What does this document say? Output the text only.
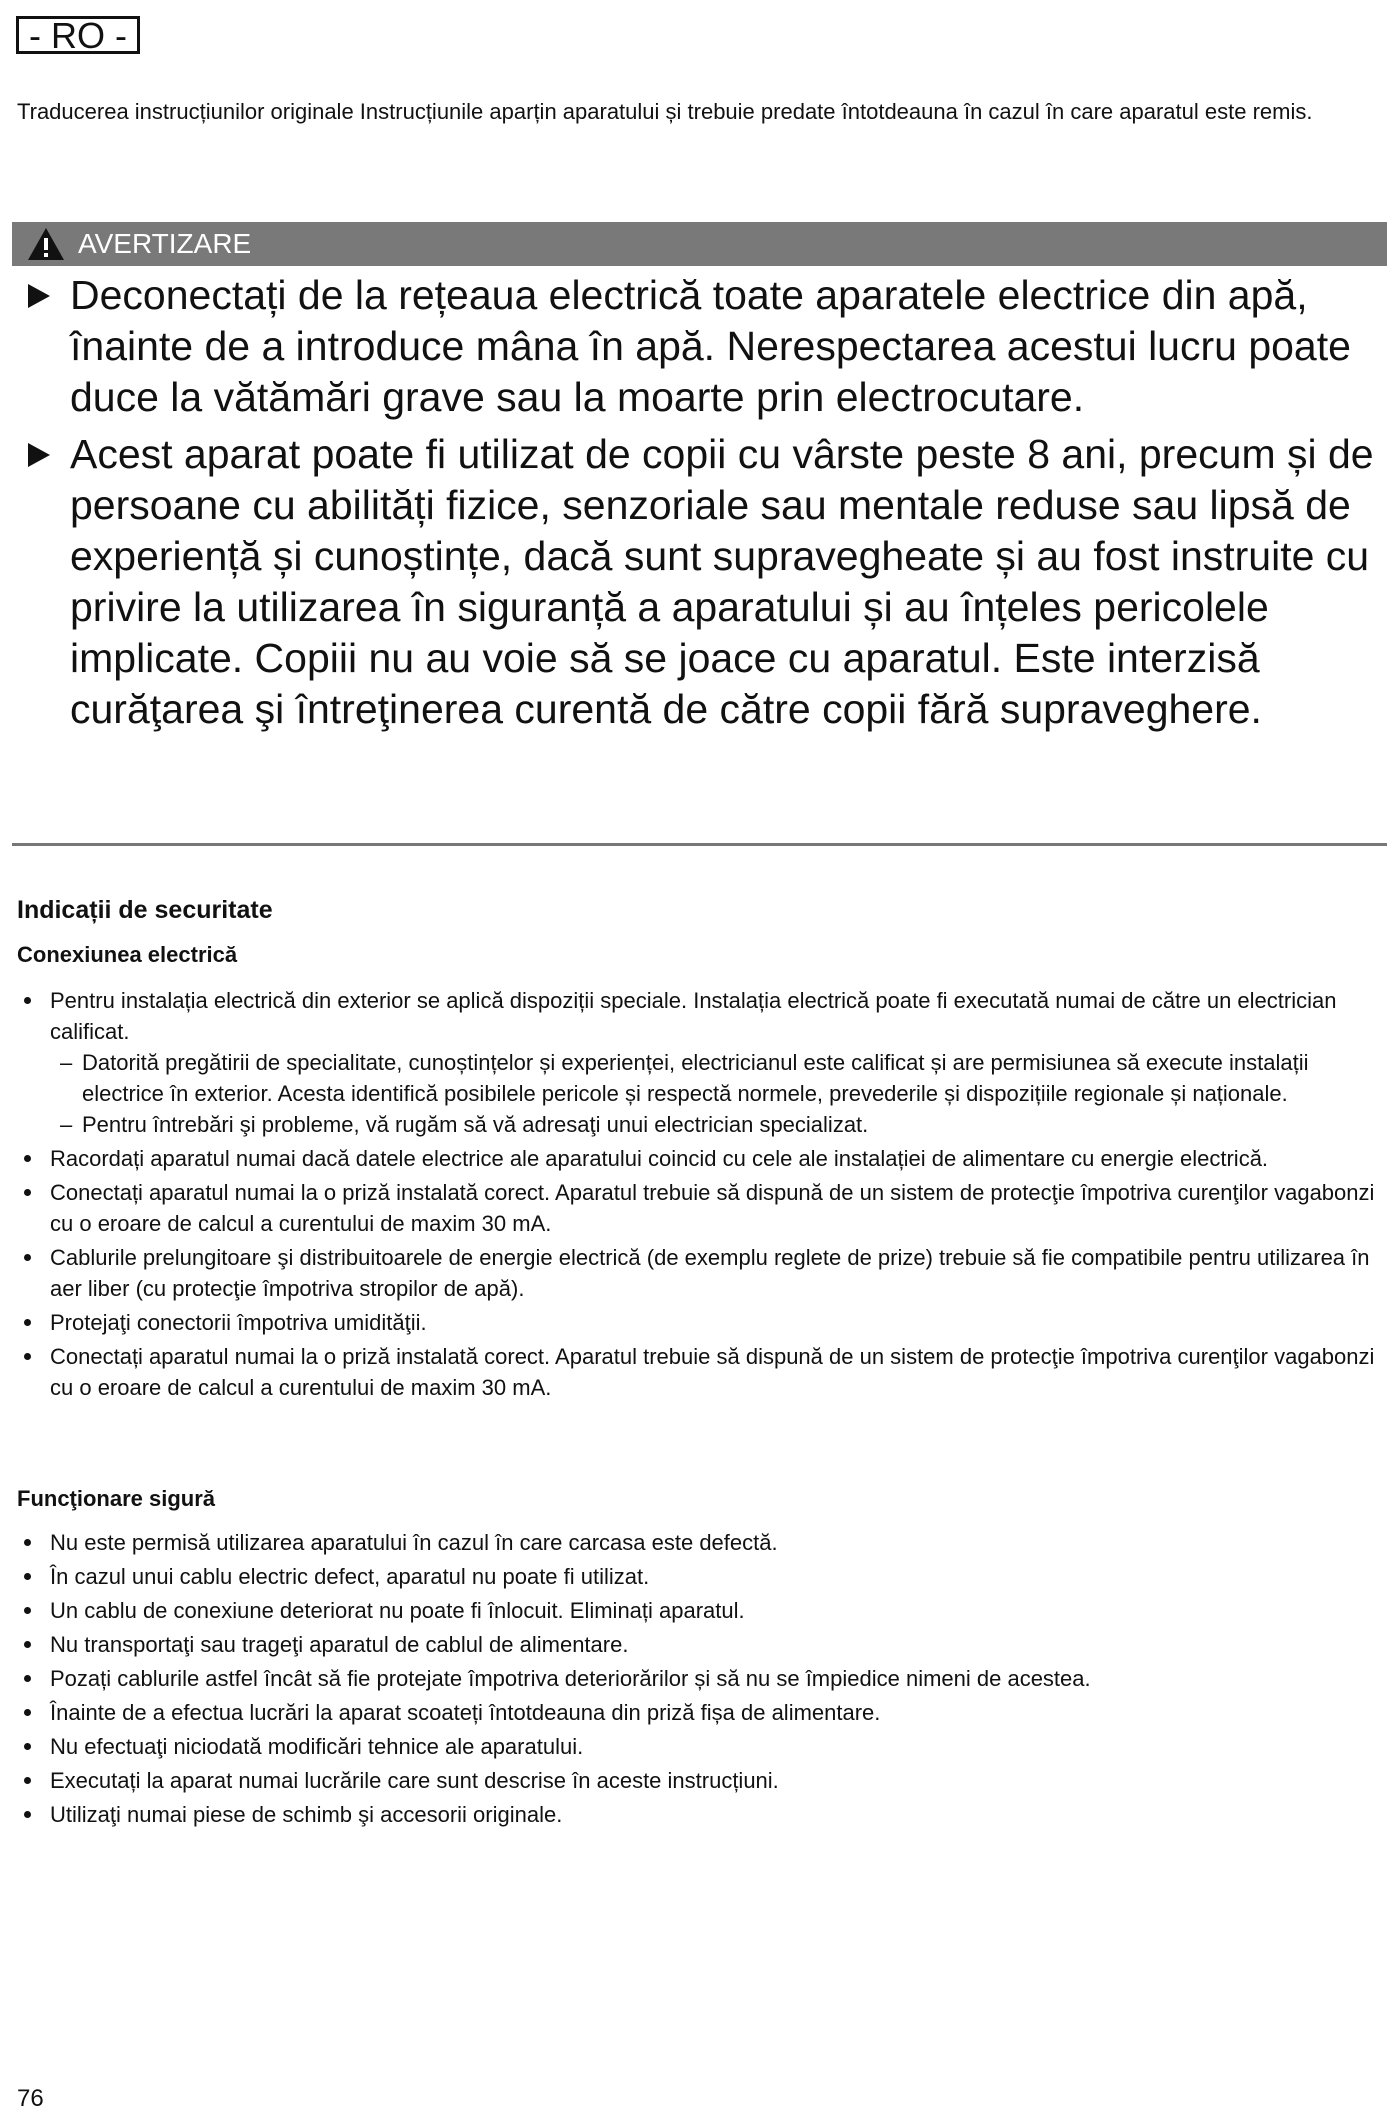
- RO -

Traducerea instrucțiunilor originale Instrucțiunile aparțin aparatului și trebuie predate întotdeauna în cazul în care aparatul este remis.

AVERTIZARE
Deconectați de la rețeaua electrică toate aparatele electrice din apă, înainte de a introduce mâna în apă. Nerespectarea acestui lucru poate duce la vătămări grave sau la moarte prin electrocutare.
Acest aparat poate fi utilizat de copii cu vârste peste 8 ani, precum și de persoane cu abilități fizice, senzoriale sau mentale reduse sau lipsă de experiență și cunoștințe, dacă sunt supravegheate și au fost instruite cu privire la utilizarea în siguranță a aparatului și au înțeles pericolele implicate. Copiii nu au voie să se joace cu aparatul. Este interzisă curăţarea şi întreţinerea curentă de către copii fără supraveghere.
Indicații de securitate
Conexiunea electrică
Pentru instalația electrică din exterior se aplică dispoziții speciale. Instalația electrică poate fi executată numai de către un electrician calificat.
– Datorită pregătirii de specialitate, cunoștințelor și experienței, electricianul este calificat și are permisiunea să execute instalații electrice în exterior. Acesta identifică posibilele pericole și respectă normele, prevederile și dispozițiile regionale și naționale.
– Pentru întrebări şi probleme, vă rugăm să vă adresaţi unui electrician specializat.
Racordați aparatul numai dacă datele electrice ale aparatului coincid cu cele ale instalației de alimentare cu energie electrică.
Conectați aparatul numai la o priză instalată corect. Aparatul trebuie să dispună de un sistem de protecţie împotriva curenţilor vagabonzi cu o eroare de calcul a curentului de maxim 30 mA.
Cablurile prelungitoare şi distribuitoarele de energie electrică (de exemplu reglete de prize) trebuie să fie compatibile pentru utilizarea în aer liber (cu protecţie împotriva stropilor de apă).
Protejaţi conectorii împotriva umidităţii.
Conectați aparatul numai la o priză instalată corect. Aparatul trebuie să dispună de un sistem de protecţie împotriva curenţilor vagabonzi cu o eroare de calcul a curentului de maxim 30 mA.
Funcţionare sigură
Nu este permisă utilizarea aparatului în cazul în care carcasa este defectă.
În cazul unui cablu electric defect, aparatul nu poate fi utilizat.
Un cablu de conexiune deteriorat nu poate fi înlocuit. Eliminați aparatul.
Nu transportaţi sau trageţi aparatul de cablul de alimentare.
Pozați cablurile astfel încât să fie protejate împotriva deteriorărilor și să nu se împiedice nimeni de acestea.
Înainte de a efectua lucrări la aparat scoateți întotdeauna din priză fișa de alimentare.
Nu efectuaţi niciodată modificări tehnice ale aparatului.
Executați la aparat numai lucrările care sunt descrise în aceste instrucțiuni.
Utilizaţi numai piese de schimb şi accesorii originale.
76
